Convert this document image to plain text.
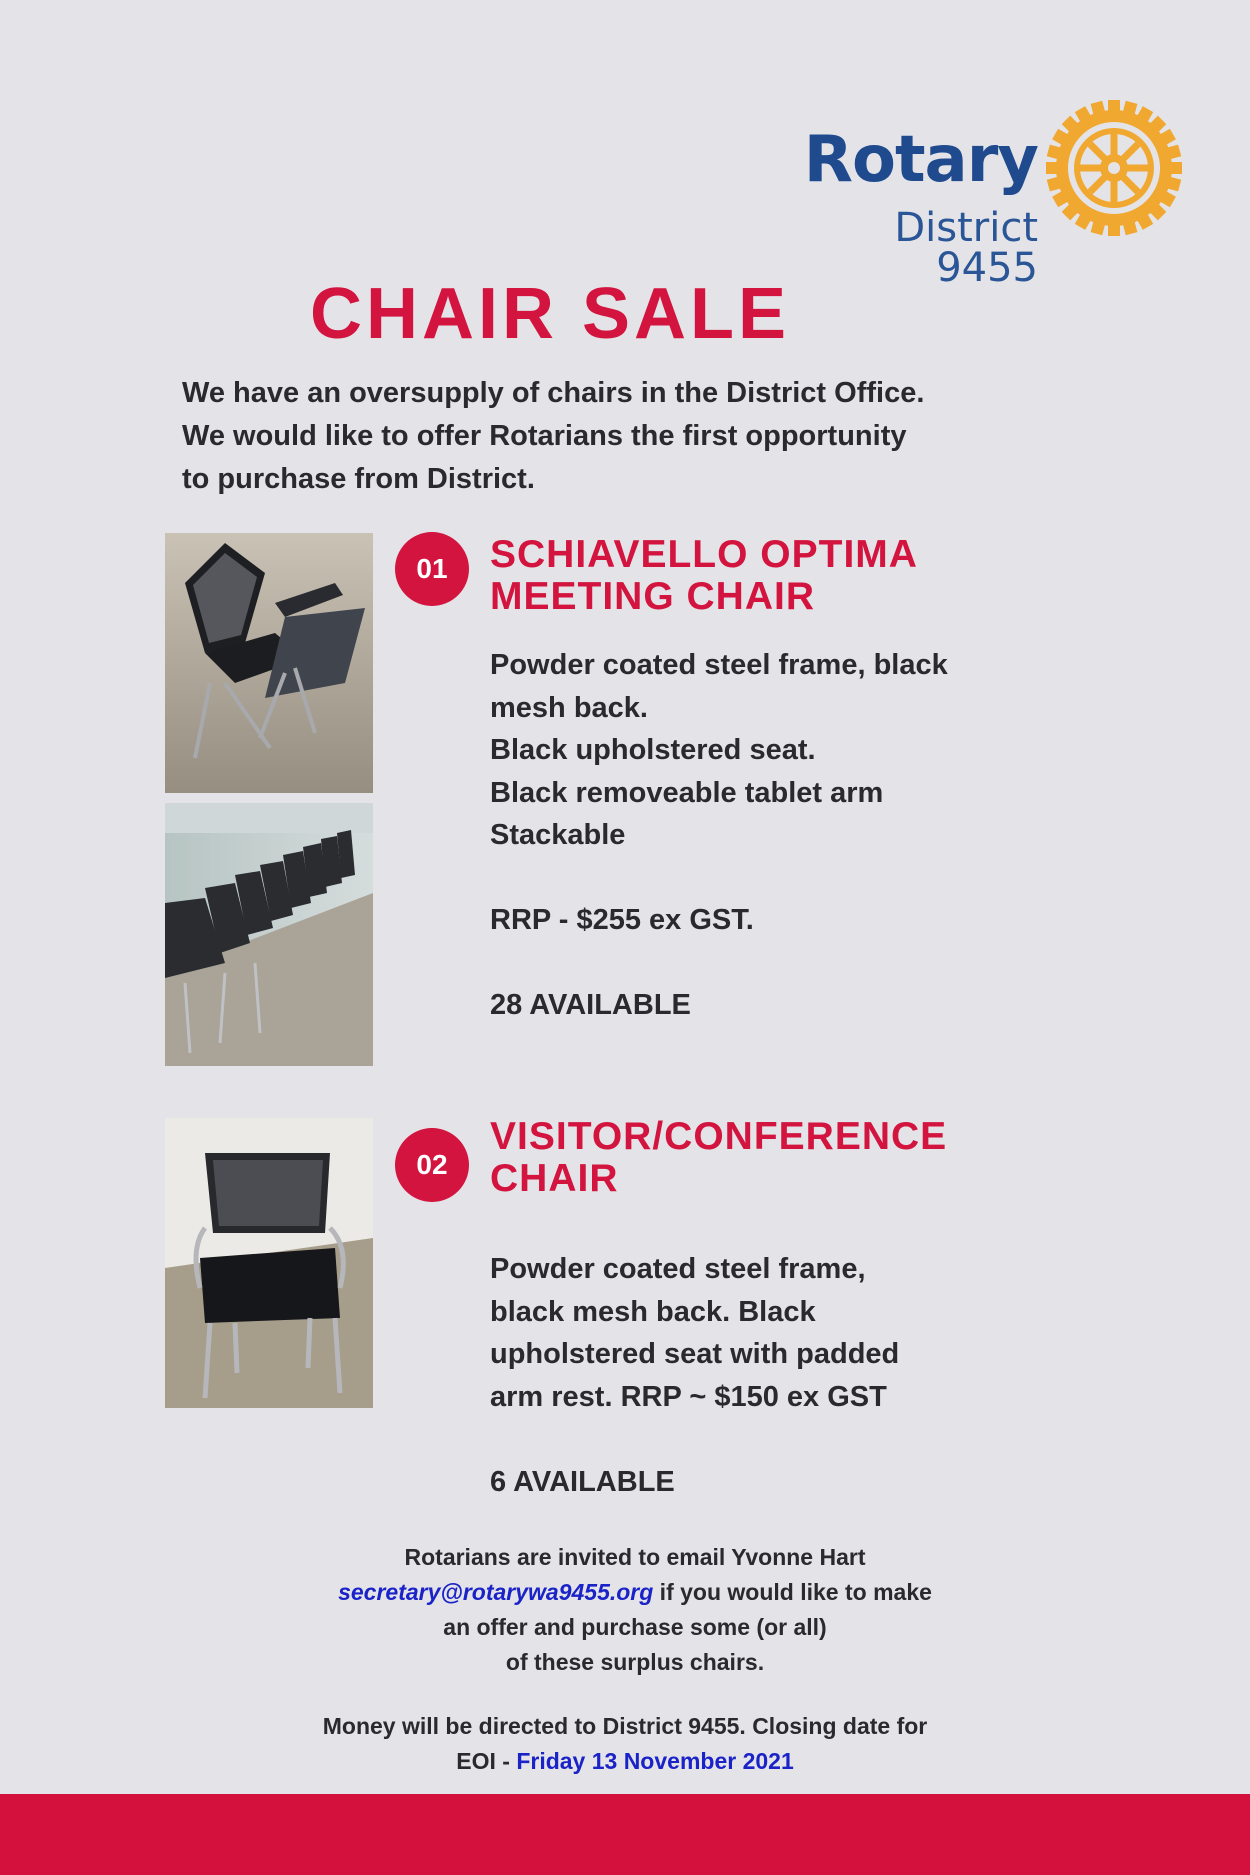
Rotary
District 9455
CHAIR SALE
We have an oversupply of chairs in the District Office.
We would like to offer Rotarians the first opportunity
to purchase from District.
01	SCHIAVELLO OPTIMA
MEETING CHAIR
Powder coated steel frame, black
mesh back.
Black upholstered seat.
Black removeable tablet arm
Stackable
RRP - $255 ex GST.
28 AVAILABLE
02
VISITOR/CONFERENCE
CHAIR
Powder coated steel frame,
black mesh back. Black
upholstered seat with padded
arm rest. RRP ~ $150 ex GST
6 AVAILABLE
Rotarians are invited to email Yvonne Hart
secretary@rotarywa9455.org if you would like to make
an offer and purchase some (or all)
of these surplus chairs.
Money will be directed to District 9455. Closing date for
EOI - Friday 13 November 2021
